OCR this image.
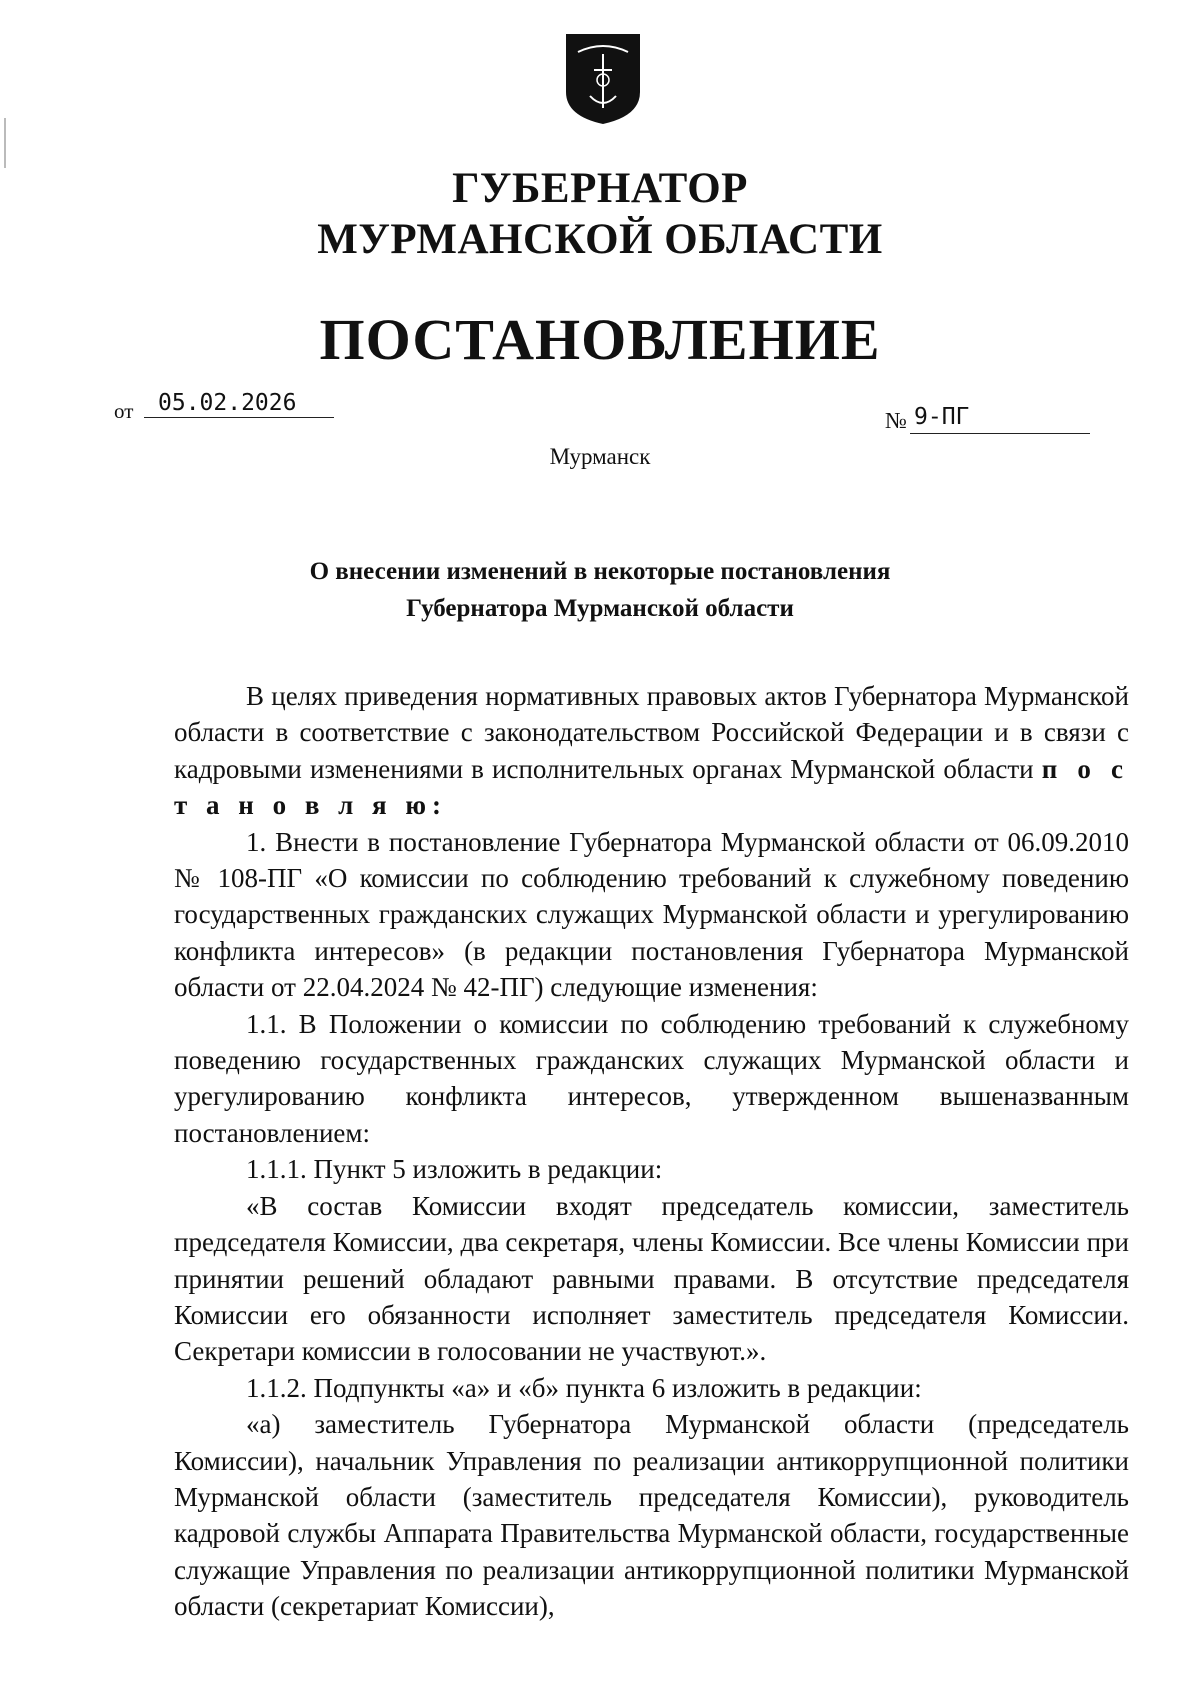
ГУБЕРНАТОР
МУРМАНСКОЙ ОБЛАСТИ
ПОСТАНОВЛЕНИЕ
от	05.02.2026
№ 9-ПГ
Мурманск
О внесении изменений в некоторые постановления
Губернатора Мурманской области

В целях приведения нормативных правовых актов Губернатора Мурманской области в соответствие с законодательством Российской Федерации и в связи с кадровыми изменениями в исполнительных органах Мурманской области п о с т а н о в л я ю:

1. Внести в постановление Губернатора Мурманской области от 06.09.2010 № 108-ПГ «О комиссии по соблюдению требований к служебному поведению государственных гражданских служащих Мурманской области и урегулированию конфликта интересов» (в редакции постановления Губернатора Мурманской области от 22.04.2024 № 42-ПГ) следующие изменения:

1.1. В Положении о комиссии по соблюдению требований к служебному поведению государственных гражданских служащих Мурманской области и урегулированию конфликта интересов, утвержденном вышеназванным постановлением:

1.1.1. Пункт 5 изложить в редакции:

«В состав Комиссии входят председатель комиссии, заместитель председателя Комиссии, два секретаря, члены Комиссии. Все члены Комиссии при принятии решений обладают равными правами. В отсутствие председателя Комиссии его обязанности исполняет заместитель председателя Комиссии. Секретари комиссии в голосовании не участвуют.».

1.1.2. Подпункты «а» и «б» пункта 6 изложить в редакции:

«а) заместитель Губернатора Мурманской области (председатель Комиссии), начальник Управления по реализации антикоррупционной политики Мурманской области (заместитель председателя Комиссии), руководитель кадровой службы Аппарата Правительства Мурманской области, государственные служащие Управления по реализации антикоррупционной политики Мурманской области (секретариат Комиссии),
